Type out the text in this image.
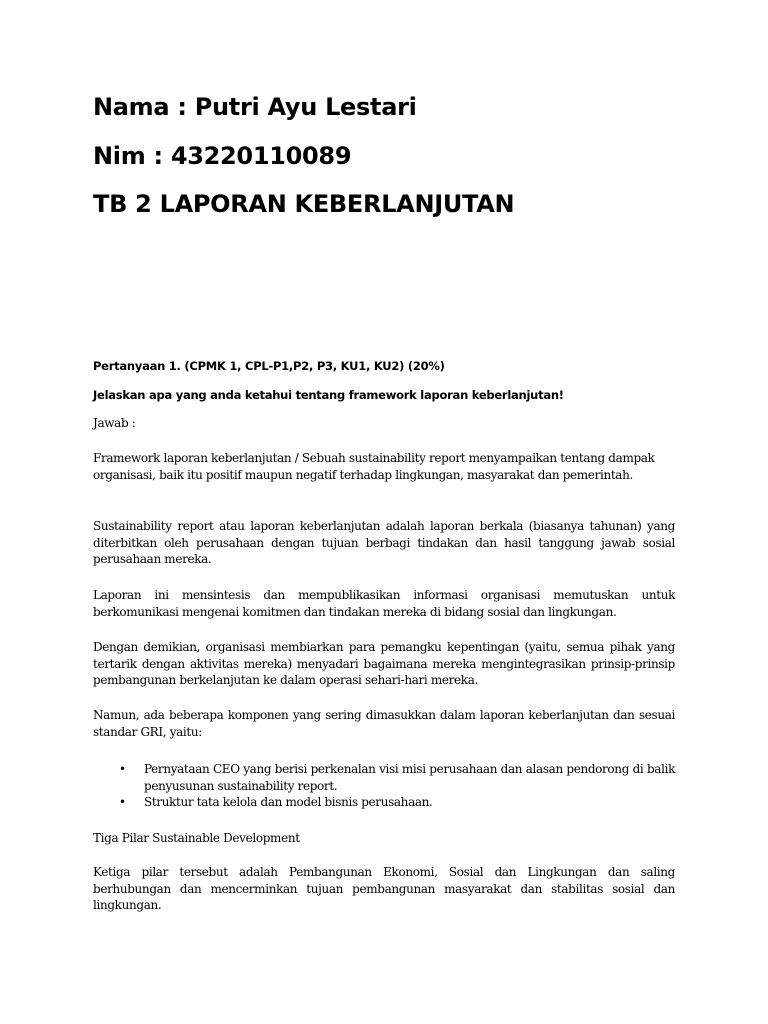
Nama : Putri Ayu Lestari
Nim : 43220110089
TB 2 LAPORAN KEBERLANJUTAN
Pertanyaan 1. (CPMK 1, CPL-P1,P2, P3, KU1, KU2) (20%)
Jelaskan apa yang anda ketahui tentang framework laporan keberlanjutan!
Jawab :

Framework laporan keberlanjutan / Sebuah sustainability report menyampaikan tentang dampak organisasi, baik itu positif maupun negatif terhadap lingkungan, masyarakat dan pemerintah.

Sustainability report atau laporan keberlanjutan adalah laporan berkala (biasanya tahunan) yang diterbitkan oleh perusahaan dengan tujuan berbagi tindakan dan hasil tanggung jawab sosial perusahaan mereka.

Laporan ini mensintesis dan mempublikasikan informasi organisasi memutuskan untuk berkomunikasi mengenai komitmen dan tindakan mereka di bidang sosial dan lingkungan.

Dengan demikian, organisasi membiarkan para pemangku kepentingan (yaitu, semua pihak yang tertarik dengan aktivitas mereka) menyadari bagaimana mereka mengintegrasikan prinsip-prinsip pembangunan berkelanjutan ke dalam operasi sehari-hari mereka.

Namun, ada beberapa komponen yang sering dimasukkan dalam laporan keberlanjutan dan sesuai standar GRI, yaitu:

• Pernyataan CEO yang berisi perkenalan visi misi perusahaan dan alasan pendorong di balik penyusunan sustainability report.
• Struktur tata kelola dan model bisnis perusahaan.

Tiga Pilar Sustainable Development

Ketiga pilar tersebut adalah Pembangunan Ekonomi, Sosial dan Lingkungan dan saling berhubungan dan mencerminkan tujuan pembangunan masyarakat dan stabilitas sosial dan lingkungan.
